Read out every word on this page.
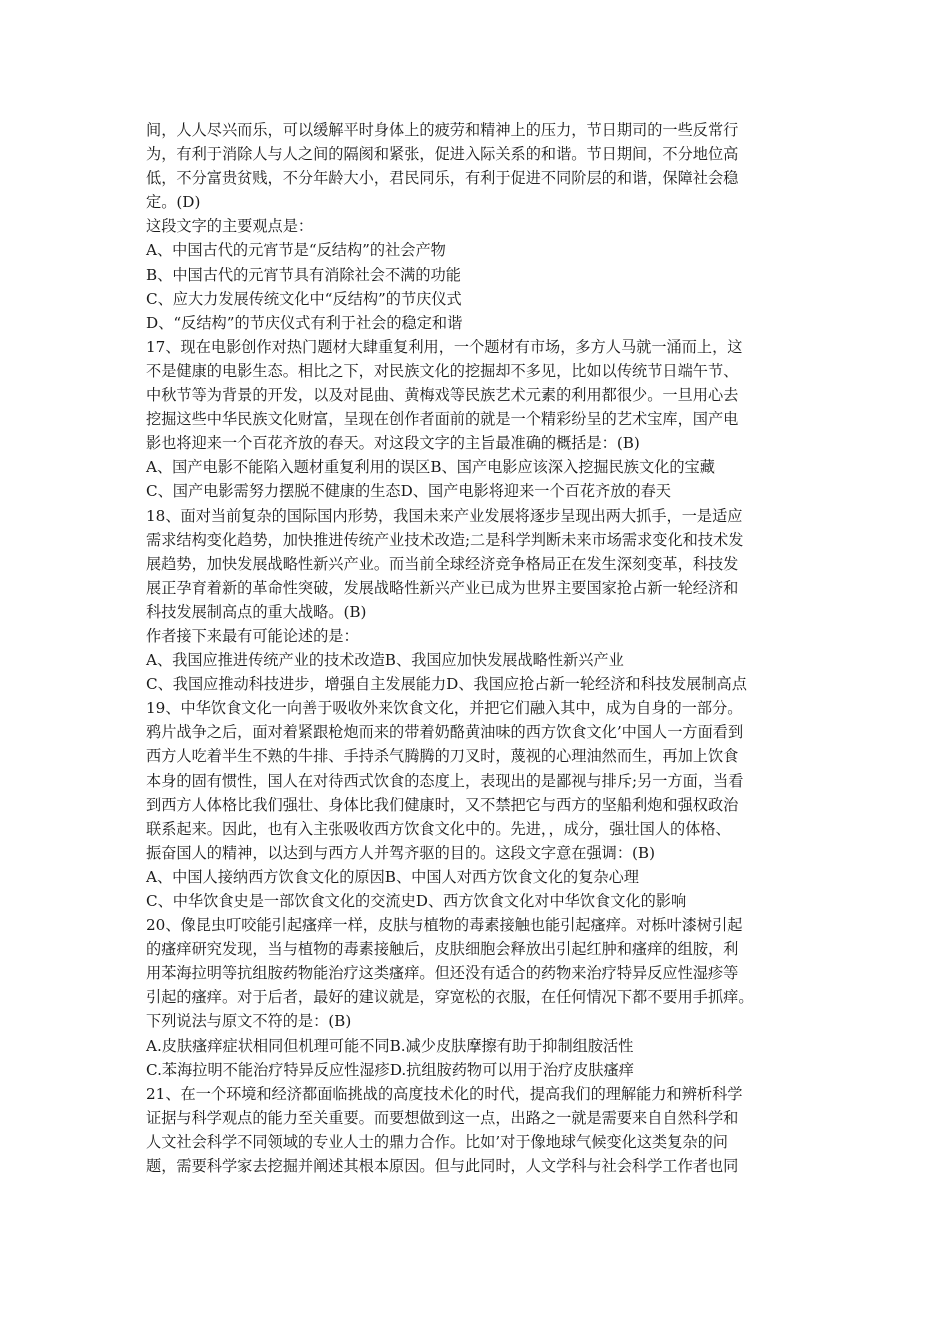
间，人人尽兴而乐，可以缓解平时身体上的疲劳和精神上的压力，节日期司的一些反常行
为，有利于消除人与人之间的隔阂和紧张，促进入际关系的和谐。节日期间，不分地位高
低，不分富贵贫贱，不分年龄大小，君民同乐，有利于促进不同阶层的和谐，保障社会稳
定。(D)
这段文字的主要观点是：
A、中国古代的元宵节是“反结构”的社会产物
B、中国古代的元宵节具有消除社会不满的功能
C、应大力发展传统文化中“反结构”的节庆仪式
D、“反结构”的节庆仪式有利于社会的稳定和谐
17、现在电影创作对热门题材大肆重复利用，一个题材有市场，多方人马就一涌而上，这
不是健康的电影生态。相比之下，对民族文化的挖掘却不多见，比如以传统节日端午节、
中秋节等为背景的开发，以及对昆曲、黄梅戏等民族艺术元素的利用都很少。一旦用心去
挖掘这些中华民族文化财富，呈现在创作者面前的就是一个精彩纷呈的艺术宝库，国产电
影也将迎来一个百花齐放的春天。对这段文字的主旨最准确的概括是：(B)
A、国产电影不能陷入题材重复利用的误区B、国产电影应该深入挖掘民族文化的宝藏
C、国产电影需努力摆脱不健康的生态D、国产电影将迎来一个百花齐放的春天
18、面对当前复杂的国际国内形势，我国未来产业发展将逐步呈现出两大抓手，一是适应
需求结构变化趋势，加快推进传统产业技术改造;二是科学判断未来市场需求变化和技术发
展趋势，加快发展战略性新兴产业。而当前全球经济竞争格局正在发生深刻变革，科技发
展正孕育着新的革命性突破，发展战略性新兴产业已成为世界主要国家抢占新一轮经济和
科技发展制高点的重大战略。(B)
作者接下来最有可能论述的是：
A、我国应推进传统产业的技术改造B、我国应加快发展战略性新兴产业
C、我国应推动科技进步，增强自主发展能力D、我国应抢占新一轮经济和科技发展制高点
19、中华饮食文化一向善于吸收外来饮食文化，并把它们融入其中，成为自身的一部分。
鸦片战争之后，面对着紧跟枪炮而来的带着奶酪黄油味的西方饮食文化’中国人一方面看到
西方人吃着半生不熟的牛排、手持杀气腾腾的刀叉时，蔑视的心理油然而生，再加上饮食
本身的固有惯性，国人在对待西式饮食的态度上，表现出的是鄙视与排斥;另一方面，当看
到西方人体格比我们强壮、身体比我们健康时，又不禁把它与西方的坚船利炮和强权政治
联系起来。因此，也有入主张吸收西方饮食文化中的。先进，，成分，强壮国人的体格、
振奋国人的精神，以达到与西方人并驾齐驱的目的。这段文字意在强调：(B)
A、中国人接纳西方饮食文化的原因B、中国人对西方饮食文化的复杂心理
C、中华饮食史是一部饮食文化的交流史D、西方饮食文化对中华饮食文化的影响
20、像昆虫叮咬能引起瘙痒一样，皮肤与植物的毒素接触也能引起瘙痒。对栎叶漆树引起
的瘙痒研究发现，当与植物的毒素接触后，皮肤细胞会释放出引起红肿和瘙痒的组胺，利
用苯海拉明等抗组胺药物能治疗这类瘙痒。但还没有适合的药物来治疗特异反应性湿疹等
引起的瘙痒。对于后者，最好的建议就是，穿宽松的衣服，在任何情况下都不要用手抓痒。
下列说法与原文不符的是：(B)
A.皮肤瘙痒症状相同但机理可能不同B.减少皮肤摩擦有助于抑制组胺活性
C.苯海拉明不能治疗特异反应性湿疹D.抗组胺药物可以用于治疗皮肤瘙痒
21、在一个环境和经济都面临挑战的高度技术化的时代，提高我们的理解能力和辨析科学
证据与科学观点的能力至关重要。而要想做到这一点，出路之一就是需要来自自然科学和
人文社会科学不同领域的专业人士的鼎力合作。比如’对于像地球气候变化这类复杂的问
题，需要科学家去挖掘并阐述其根本原因。但与此同时，人文学科与社会科学工作者也同
